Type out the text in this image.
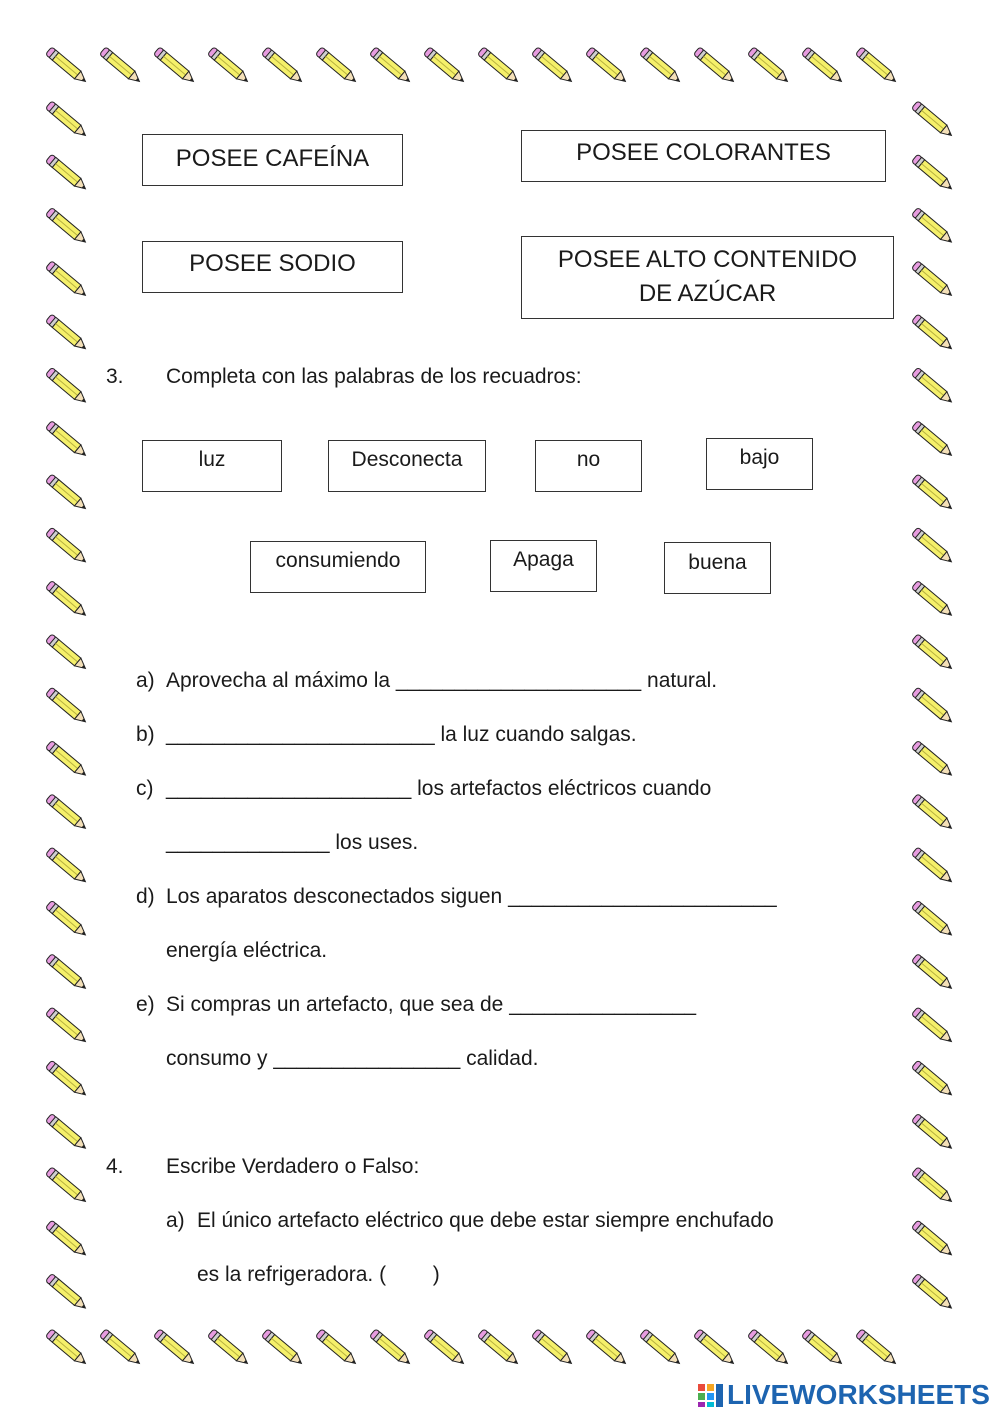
POSEE CAFEÍNA	POSEE COLORANTES
POSEE SODIO	POSEE ALTO CONTENIDO DE AZÚCAR
3. Completa con las palabras de los recuadros:
luz	Desconecta	no	bajo
consumiendo	Apaga	buena
a) Aprovecha al máximo la _____________________ natural.
b) _______________________ la luz cuando salgas.
c) _____________________ los artefactos eléctricos cuando
______________ los uses.
d) Los aparatos desconectados siguen _______________________
energía eléctrica.
e) Si compras un artefacto, que sea de ________________
consumo y ________________ calidad.
4. Escribe Verdadero o Falso:
a) El único artefacto eléctrico que debe estar siempre enchufado
es la refrigeradora. (        )
LIVEWORKSHEETS
